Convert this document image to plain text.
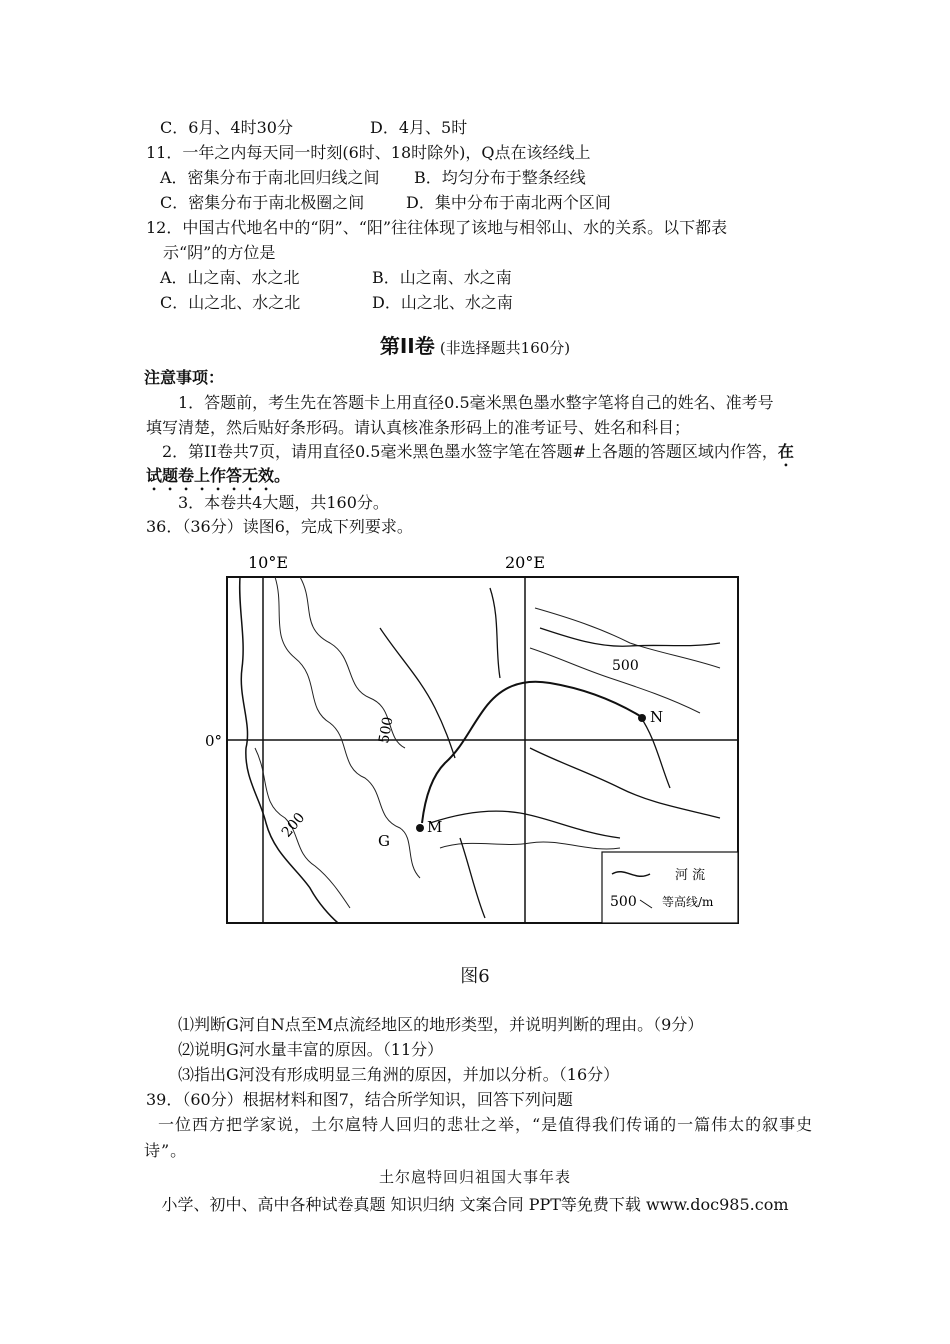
C．6月、4时30分	D．4月、5时
11．一年之内每天同一时刻(6时、18时除外)，Q点在该经线上
A．密集分布于南北回归线之间 B．均匀分布于整条经线
C．密集分布于南北极圈之间	D．集中分布于南北两个区间
12．中国古代地名中的“阴”、“阳”往往体现了该地与相邻山、水的关系。以下都表
示“阴”的方位是
A．山之南、水之北	B．山之南、水之南
C．山之北、水之北	D．山之北、水之南
第II卷 (非选择题共160分)
注意事项：
1．答题前，考生先在答题卡上用直径0.5毫米黑色墨水整字笔将自己的姓名、准考号
填写清楚，然后贴好条形码。请认真核准条形码上的准考证号、姓名和科目；
2．第II卷共7页，请用直径0.5毫米黑色墨水签字笔在答题#上各题的答题区域内作答，在
试题卷上作答无效。
3．本卷共4大题，共160分。
36．（36分）读图6，完成下列要求。
10°E	20°E
0°	500
500
200
N
M
G
河 流
500 等高线/m
图6
⑴判断G河自N点至M点流经地区的地形类型，并说明判断的理由。（9分）
⑵说明G河水量丰富的原因。（11分）
⑶指出G河没有形成明显三角洲的原因，并加以分析。（16分）
39．（60分）根据材料和图7，结合所学知识，回答下列问题
一位西方把学家说，土尔扈特人回归的悲壮之举，“是值得我们传诵的一篇伟太的叙事史诗”。
土尔扈特回归祖国大事年表
小学、初中、高中各种试卷真题 知识归纳 文案合同 PPT等免费下载 www.doc985.com
